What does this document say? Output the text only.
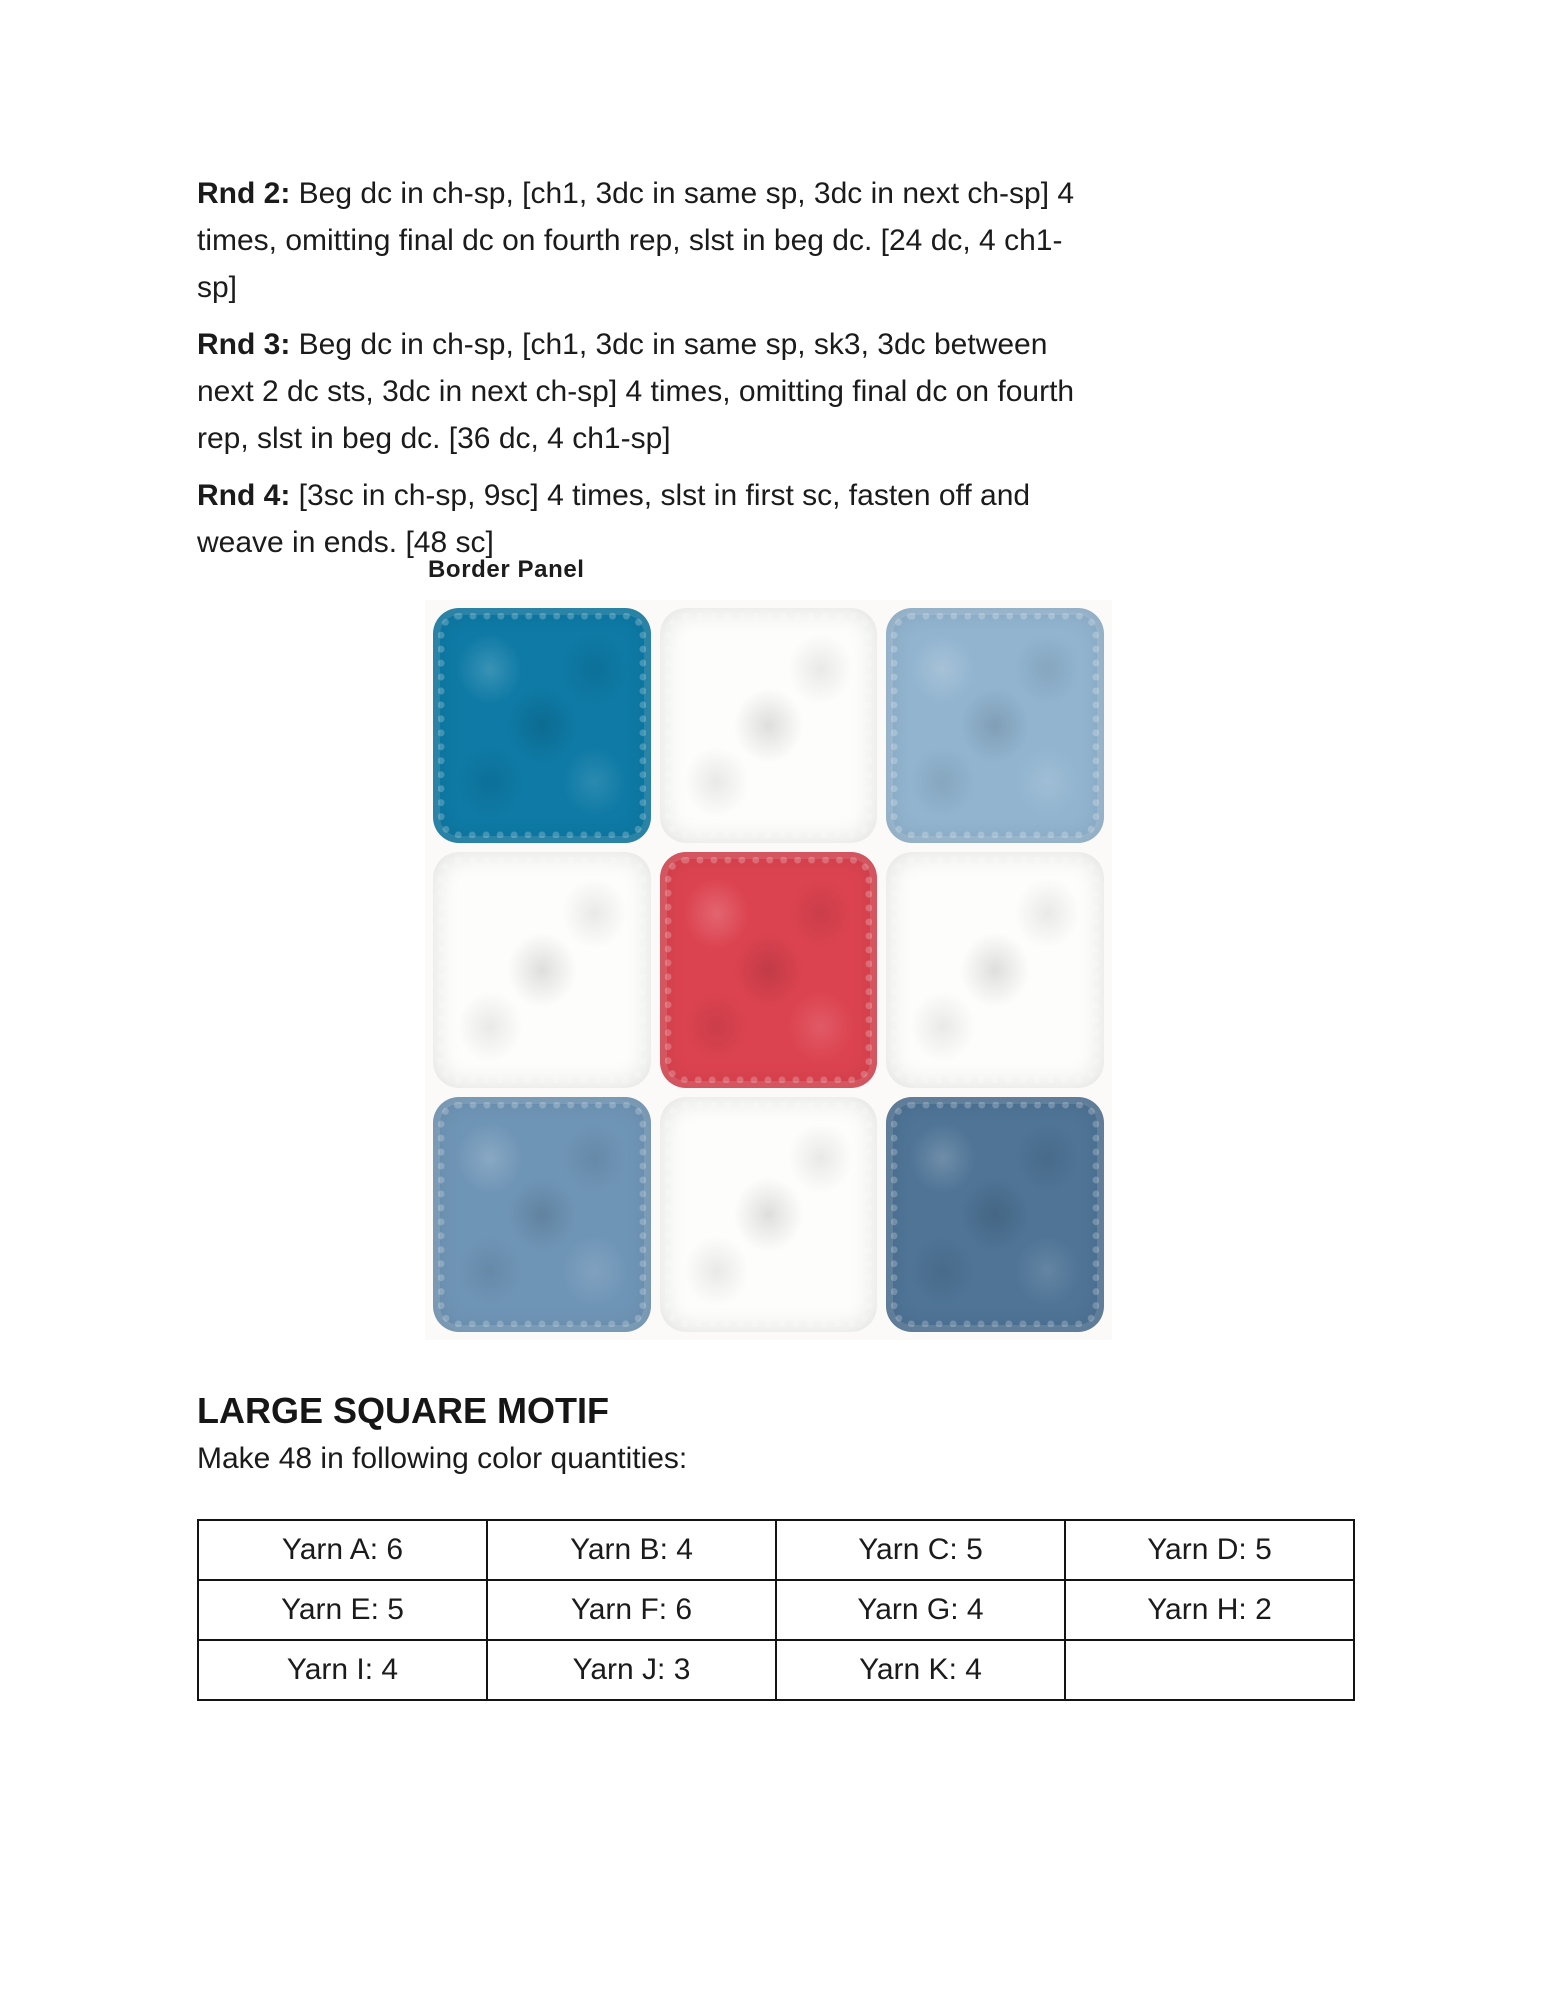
Rnd 2: Beg dc in ch-sp, [ch1, 3dc in same sp, 3dc in next ch-sp] 4 times, omitting final dc on fourth rep, slst in beg dc. [24 dc, 4 ch1-sp]

Rnd 3: Beg dc in ch-sp, [ch1, 3dc in same sp, sk3, 3dc between next 2 dc sts, 3dc in next ch-sp] 4 times, omitting final dc on fourth rep, slst in beg dc. [36 dc, 4 ch1-sp]

Rnd 4: [3sc in ch-sp, 9sc] 4 times, slst in first sc, fasten off and weave in ends. [48 sc]

Border Panel
LARGE SQUARE MOTIF

Make 48 in following color quantities:

Yarn A: 6	Yarn B: 4	Yarn C: 5	Yarn D: 5
Yarn E: 5	Yarn F: 6	Yarn G: 4	Yarn H: 2
Yarn I: 4	Yarn J: 3	Yarn K: 4	
